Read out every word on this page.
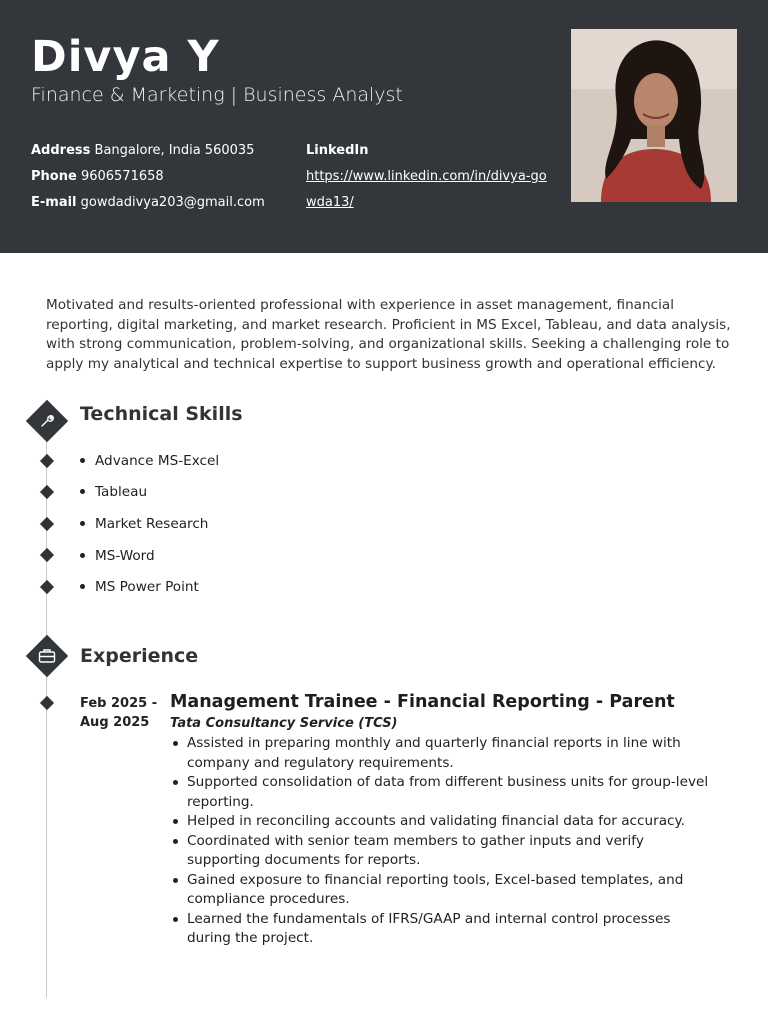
Divya Y
Finance & Marketing | Business Analyst
Address Bangalore, India 560035
Phone 9606571658
E-mail gowdadivya203@gmail.com
LinkedIn
https://www.linkedin.com/in/divya-gowda13/

Motivated and results-oriented professional with experience in asset management, financial reporting, digital marketing, and market research. Proficient in MS Excel, Tableau, and data analysis, with strong communication, problem-solving, and organizational skills. Seeking a challenging role to apply my analytical and technical expertise to support business growth and operational efficiency.

Technical Skills
Advance MS-Excel
Tableau
Market Research
MS-Word
MS Power Point
Experience
Feb 2025 -
Aug 2025
Management Trainee - Financial Reporting - Parent
Tata Consultancy Service (TCS)
Assisted in preparing monthly and quarterly financial reports in line with company and regulatory requirements.
Supported consolidation of data from different business units for group-level reporting.
Helped in reconciling accounts and validating financial data for accuracy.
Coordinated with senior team members to gather inputs and verify supporting documents for reports.
Gained exposure to financial reporting tools, Excel-based templates, and compliance procedures.
Learned the fundamentals of IFRS/GAAP and internal control processes during the project.
